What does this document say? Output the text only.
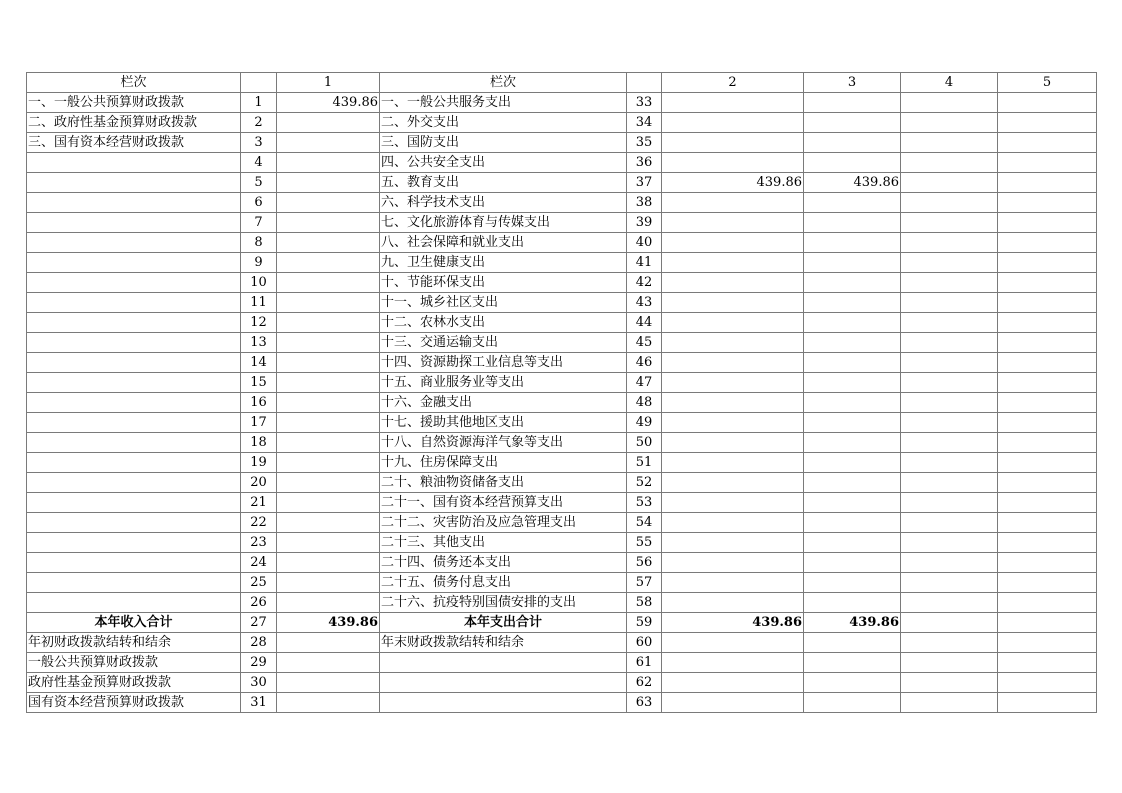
栏次		1	栏次		2	3	4	5
一、一般公共预算财政拨款	1	439.86	一、一般公共服务支出	33				
二、政府性基金预算财政拨款	2		二、外交支出	34				
三、国有资本经营财政拨款	3		三、国防支出	35				
	4		四、公共安全支出	36				
	5		五、教育支出	37	439.86	439.86		
	6		六、科学技术支出	38				
	7		七、文化旅游体育与传媒支出	39				
	8		八、社会保障和就业支出	40				
	9		九、卫生健康支出	41				
	10		十、节能环保支出	42				
	11		十一、城乡社区支出	43				
	12		十二、农林水支出	44				
	13		十三、交通运输支出	45				
	14		十四、资源勘探工业信息等支出	46				
	15		十五、商业服务业等支出	47				
	16		十六、金融支出	48				
	17		十七、援助其他地区支出	49				
	18		十八、自然资源海洋气象等支出	50				
	19		十九、住房保障支出	51				
	20		二十、粮油物资储备支出	52				
	21		二十一、国有资本经营预算支出	53				
	22		二十二、灾害防治及应急管理支出	54				
	23		二十三、其他支出	55				
	24		二十四、债务还本支出	56				
	25		二十五、债务付息支出	57				
	26		二十六、抗疫特别国债安排的支出	58				
本年收入合计	27	439.86	本年支出合计	59	439.86	439.86		
年初财政拨款结转和结余	28		年末财政拨款结转和结余	60				
一般公共预算财政拨款	29			61				
政府性基金预算财政拨款	30			62				
国有资本经营预算财政拨款	31			63				
